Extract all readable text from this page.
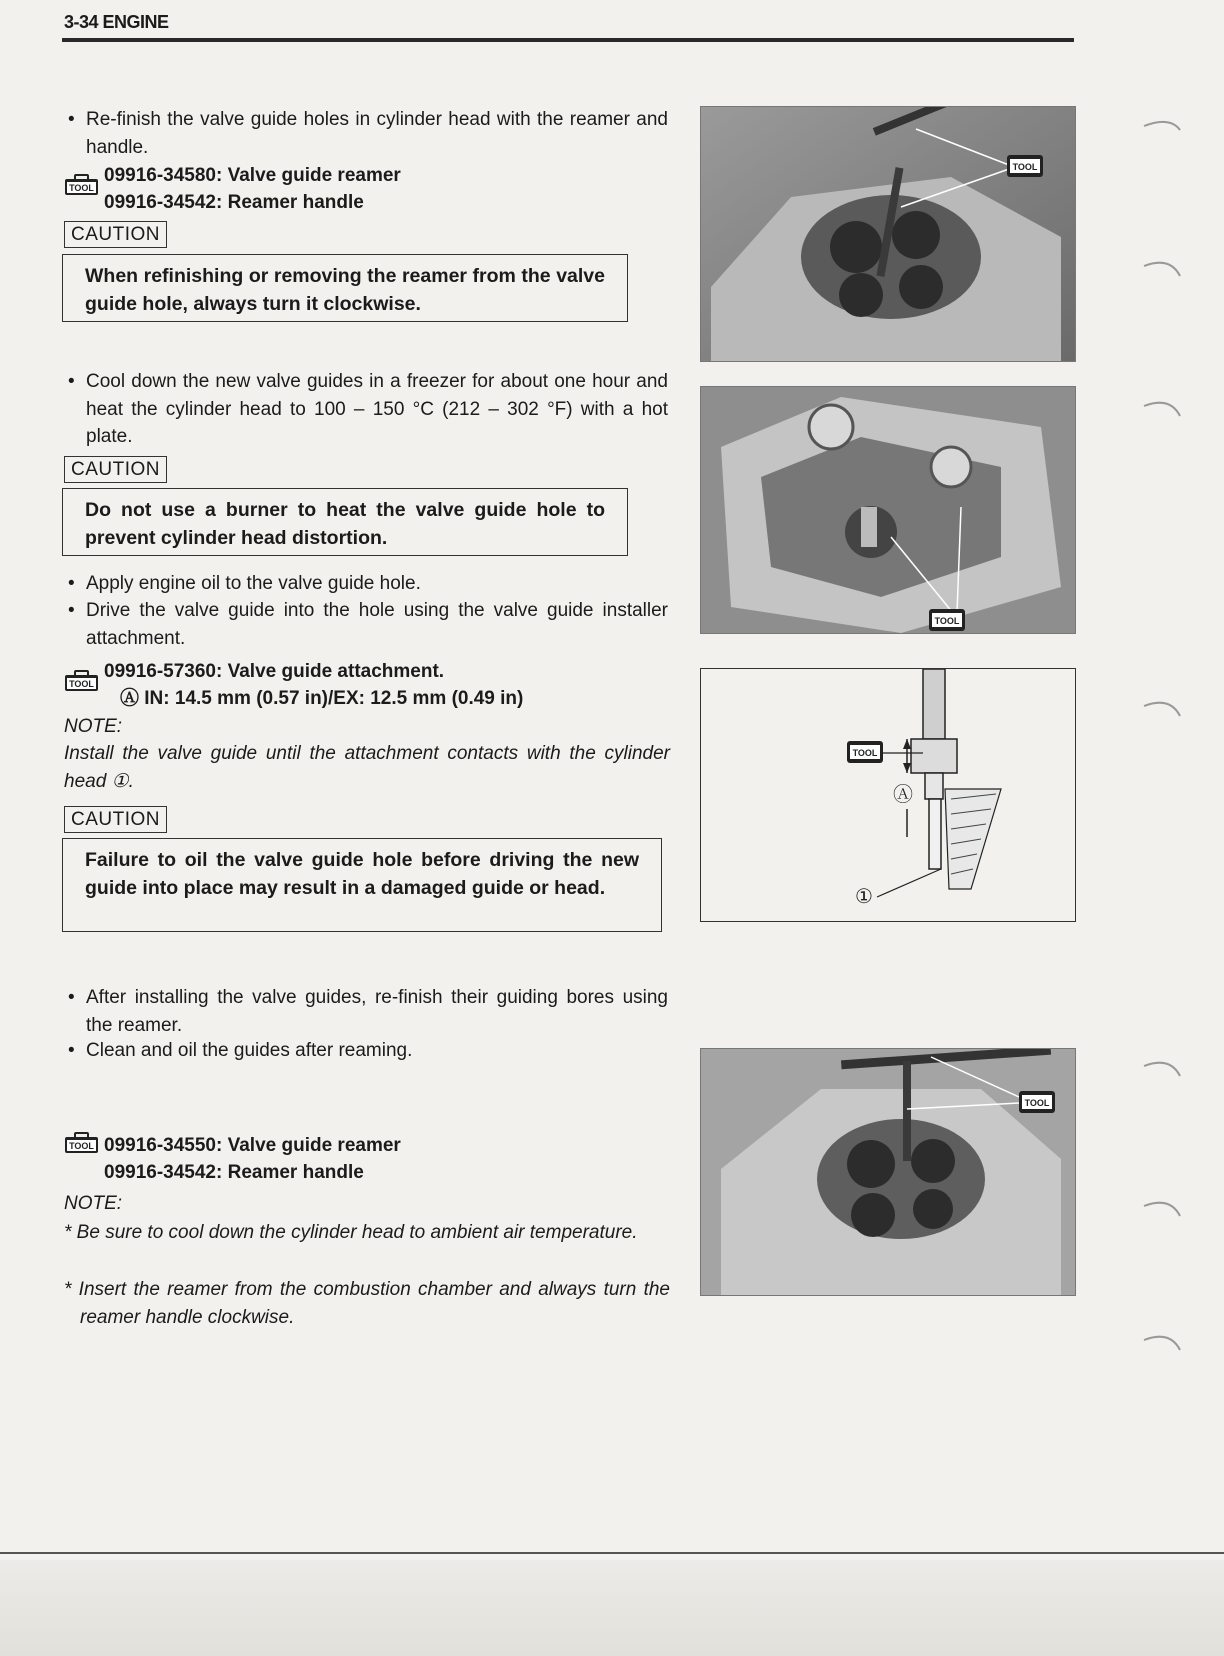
3-34 ENGINE
• Re-finish the valve guide holes in cylinder head with the reamer and handle.
TOOL
09916-34580: Valve guide reamer
09916-34542: Reamer handle
CAUTION
When refinishing or removing the reamer from the valve guide hole, always turn it clockwise.
• Cool down the new valve guides in a freezer for about one hour and heat the cylinder head to 100 – 150 °C (212 – 302 °F) with a hot plate.
CAUTION
Do not use a burner to heat the valve guide hole to prevent cylinder head distortion.
• Apply engine oil to the valve guide hole.
• Drive the valve guide into the hole using the valve guide installer attachment.
TOOL
09916-57360: Valve guide attachment.
Ⓐ IN: 14.5 mm (0.57 in)/EX: 12.5 mm (0.49 in)
NOTE:
Install the valve guide until the attachment contacts with the cylinder head ①.
CAUTION
Failure to oil the valve guide hole before driving the new guide into place may result in a damaged guide or head.
• After installing the valve guides, re-finish their guiding bores using the reamer.
• Clean and oil the guides after reaming.
TOOL 09916-34550: Valve guide reamer
09916-34542: Reamer handle
NOTE:
* Be sure to cool down the cylinder head to ambient air temperature.
* Insert the reamer from the combustion chamber and always turn the reamer handle clockwise.
TOOL
TOOL
Ⓐ
①
TOOL
TOOL
